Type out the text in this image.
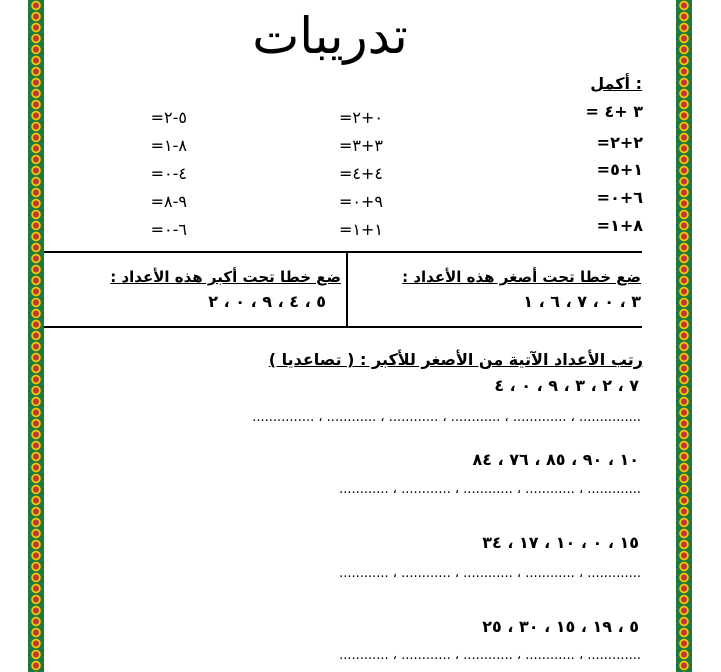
تدريبات
أكمل :
٣ +٤ =
٢+٢=
١+٥=
٦+٠=
٨+١=
٠+٢=
٣+٣=
٤+٤=
٩+٠=
١+١=
٥-٢=
٨-١=
٤-٠=
٩-٨=
٦-٠=
ضع خطا تحت أصغر هذه الأعداد :
٣ ، ٠ ، ٧ ، ٦ ، ١
ضع خطا تحت أكبر هذه الأعداد :
٥ ، ٤ ، ٩ ، ٠ ، ٢
رتب الأعداد الآتية من الأصغر للأكبر : ( تصاعديا )
٧ ، ٢ ، ٣ ، ٩ ، ٠ ، ٤
............... ، ............. ، ............ ، ............ ، ............ ، ...............
١٠ ، ٩٠ ، ٨٥ ، ٧٦ ، ٨٤
............. ، ............ ، ............ ، ............ ، ............
١٥ ، ٠ ، ١٠ ، ١٧ ، ٣٤
............. ، ............ ، ............ ، ............ ، ............
٥ ، ١٩ ، ١٥ ، ٣٠ ، ٢٥
............. ، ............ ، ............ ، ............ ، ............
